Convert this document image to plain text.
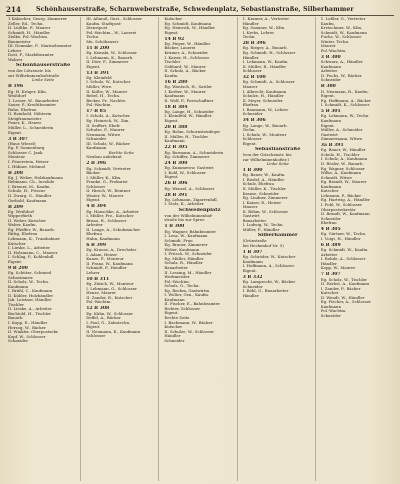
214 Schönhauserstraße, Scharnweberstraße, Schwedenplatz, Sebastianstraße, Silberhammer
1 Kabacher, Georg, Zimmerer
Zeller, Ed., Techn.
II. Lüdtke, F., Maurer
Schmidt, H., Händler
Zielke, Pol.-Wachtm.
Baumeister
III. Dommke, F., Marinebeamter
Lehrer
Dost, F., Marktbeamter
Wabrer
Schönhauserstraße
von der Lötzenstr. bis
zur Wilhelminenhofstraße
Linke Seite
B 196
Eg. H. Krüger, Kfm.
Weißdorf
1. Lesser, W., Bauarbeiter
Sauer, P., Kreditbeamter
Ruhe, Ehefrau
II. Reinhold, Nähterin
Steigfraumeister
Feuer, K., Heizer
Müller, L., Schneiderin
Eigent.
3 B 307
(Haus Wiesel)
Eg. F. Sonnenburg
Schlosser C. Jank
Monteur
I. Feuerstein, Heizer
I. Hübner, Mehmel
B 208
Eg. J. Weber, Holzkaufmann
Rebmann, Ch., Invalide
I. Bremer, M., Kaufm.
Schulz, H., Friseur
II. Zwarg, G., Händler
Gerhold, Kaufmann
B 209
Eg. Weißdorf
Wipperfürth
II. Weber, Kutscher
Weber, Kaufm.
Eg. Pfeiffer, W., Bauarb.
Rittig, Ehefrau
Lehmann, K., Trambahner
Kutscher
I. Lieske, L., Arbeiter
II. Holzmann, C., Maurer
I. Schlag, P., Kohlenhdl.
Eigent.
9 B 200
Eg. Schütze, Schmied
Sebastianstr.
II. Scholz, W., Techn.
Kaufmann
I. Brühl, C., Kaufmann
II. Kübler, Holzhändler
Jak. Leistner, Händler
Tischler
II. Lieske, A., Arbeiter
Bechtold, H., Tischler
Bauarb.
I. Kopp, E., Händler
Herzog, W., Bäcker
II. Winkler, Oberpostsekr.
Kopf, W., Schlosser
Schneider
III. Aßmuß, Gust., Schlosser
Kaufm. Stadtpost-
Dienstpost
Pol.-Wachtm., W., Lauerei
Techn.
Mu. Schöhauser
11 B 200
Eg. Kemski, W., Schlosser
I. Lehmann, K., Bauarb.
II. Dörr, F., Zimmerer
Eigent.
13 B 391
Eg. Kleinfeld
I. Scholz, W., Kutscher
Müller, Wwe.
II. Kolbe, W., Maurer
Rebel, H., Techn.
Becker, Pr., Nachtw.
Pol.-Wachtm.
17 B 85
I. Scholz, A., Kutscher
Eg. Heinrich, W., Zim.
II. Seiffert, Ehefr.
Schulze, F., Maurer
Neumann, Witwe
Schneider
III. Schulz, W., Bäcker
Kaufmann
Rechte Seite
Neubau unbebaut
2 B 396
Eg. Schmidt, Vertreter
Bäcker
I. Müller, K., Kfm.
Franke, G., Prokurist
Schlosser
II. Hirsch, W., Rentner
Winter, W., Maurer
Eigent.
4 B 304
Eg. Hanschke, A., Arbeiter
I. Müller, Frz., Kutscher
Bruno, R., Schlosser
Arbeiter
II. Lange, A., Schuhmacher
Ehefrau
Huhn, Kaufmann
6 B 399
Eg. Krause, A., Drechsler
I. Adam, Heizer
Kunze, F., Monteur
II. Franz, W., Kaufmann
Schmidt, P., Händler
Lehrer
10 B 311
Eg. Zürich, W., Monteur
I. Lehmann, G., Schlosser
Henze, Maurer
II. Zander, R., Kutscher
Pol.-Wachtm.
12 B 308
Eg. Kühn, W., Schlosser
Deffel, A., Bäcker
I. Paul, G., Zahntechn.
Eigent.
II. Neumann, E., Kaufmann
Schlosser
Kutscher
Eg. Schmidt, Kaufmann
Eg. Heinrich, W., Händler
Eigent.
14 B 92
Eg. Pieper, W., Händler
Bäcker, Lauerei
Krämer, A., Schneider
I. Kaiser, H., Schlosser
Tischler
Gebhard, W., Maurer
II. Schulz, A., Bäcker
Kaufm.
16 B 280
Eg. Wentsch, H., Sattler
I. Kerber, W., Maurer
Kaufmann
II. Wolf, P., Postschaffner
18 B 384
Eg. Lange, H., Schneider
I. Kleinfeld, W., Händler
Eigent.
20 B 388
Eg. Bohm, Schornsteinfeger
II. Müller, H., Tischler
Kaufmann
22 B 305
Eg. Bormann, A., Schneiderin
Eg. Schiffer, Zimmerer
24 B 300
Eg. Kummerow, Gastwirt
I. Kohl, W., Schlosser
Eigent.
26 B 306
Eg. Wenzel, A., Schlosser
28 B 391
Eg. Lehmann, Zigarrenhdl.
I. Stolz, K., Arbeiter
Schwedenplatz
von der Wilhelminenhof-
straße bis zur Spree
1 B 300
Eg. Wagner, Bahnbeamter
I. Lenz, W., Kaufmann
Schmidt, Frau
Eg. Brauer, Zimmerer
Weber, Kaufmann
I. Fritsch, W., Schneider
Eg. Müller, Händler
Schulz, R., Händler
Bauarbeiter
II. Lessing, M., Händler
Werkmeister
Pol.-Wachtm.
Schulz, G., Techn.
Eg. Boehm, Gastwirtin
I. Wolter, Gen., Kaufm.
Kaufmann
II. Fischer, E., Bahnbeamter
Richter, Schlosser
Eigent.
Rechte Seite
I. Bachmann, W., Bäcker
Kutscher
II. Schulze, W., Schlosser
Händler
Schneider
1. Kramer, A., Vertreter
Händler
Eg. Sommer, W., Kfm.
I. Krebs, Lehrer
Techn.
28 B 396
Eg. Rieger, A., Bauarb.
Eg. Schmidt, H., Schlosser
Händler
I. Lehmann, W., Kaufm.
II. Müller, R., Händler
Schlosser
32 B 100
Eg. Schmidt, A., Schlosser
Maurer
I. Albrecht, Kaufmann
Schulze, H., Händler
II. Meyer, Schneider
Ehefrau
I. Baumann, W., Lehrer
Schneider
34 B 306
Eg. Lange, W., Bauarb.
Techn.
I. Schulz, W., Monteur
Schlosser
Eigent.
Sebastianstraße
(von der Griechenstr. bis
zur Wilhelminenhofstr.)
Linke Seite
1 B 300
Eg. Bauer, W., Kaufm.
I. Riedel, A., Händler
Schulz, Ehefrau
II. Müller, K., Tischler
Krause, Schneider
Eg. Lindner, Zimmerer
I. Kaiser, R., Heizer
Maurer
II. Böhm, W., Schlosser
Gastwirt
Bauarbeiter
I. Ludwig, W., Techn.
Müller, P., Händler
Silberhammer
(Grünstraße
bei Heckenhof Nr. 5)
1 B 307
Eg. Schröder, W., Kutscher
Kaufmann
I. Hoffmann, A., Schlosser
Eigent.
3 B 332
Eg. Lamprecht, W., Bäcker
Schneider
I. Röhl, G., Bauarbeiter
Händler
1. Leßler, G., Vertreter
Kaufm.
Kretschmer, W., Kfm.
Schmidt, W., Kaufmann
Fuchs, W., Schlosser
Winter, Techn.
Maurer
Pol.-Wachtm.
3 B 380
Schwarz, A., Händler
Kaufmann
Arbeiter
II. Fuchs, W., Bäcker
Schneider
B 380
II. Neumann, R., Kaufm.
Eigent.
Eg. Hoffmann, A., Bäcker
I. Schmidt, K., Schlosser
5 B 301
Eg. Lehmann, W., Techn.
Kaufmann
Eigent.
Müller, A., Schneider
Gastwirt
Zimmermann, Witwe
3a B 391
Eg. Bauer, W., Händler
Schulz, H., Tischler
I. Schulz, A., Kaufmann
II. Rösler, W., Bauarb.
Eg. Wagner, Schlosser
Wilke, A., Kaufmann
Schmidt, Witwe
Eg. Brandt, W., Maurer
Kaufmann
Kutscher
Lehmann, P., Bäcker
Eg. Hartwig, A., Händler
I. Pohl, W., Schlosser
Oberpostsekretär
II. Brandt, W., Kaufmann
Schneider
Ehefrau
4 B 305
Eg. Gärtner, W., Techn.
I. Voigt, H., Händler
6 B 389
Eg. Schmidt, W., Kaufm.
Arbeiter
I. Rohde, A., Schlosser
Händler
Kopp, W., Maurer
7 B 307
Eg. Scholz, W., Tischler
II. Herbst, A., Kaufmann
I. Zander, P., Bäcker
Kutscher
II. Wendt, W., Händler
Eg. Fischer, A., Schlosser
Kaufmann
Pol.-Wachtm.
Schneider
